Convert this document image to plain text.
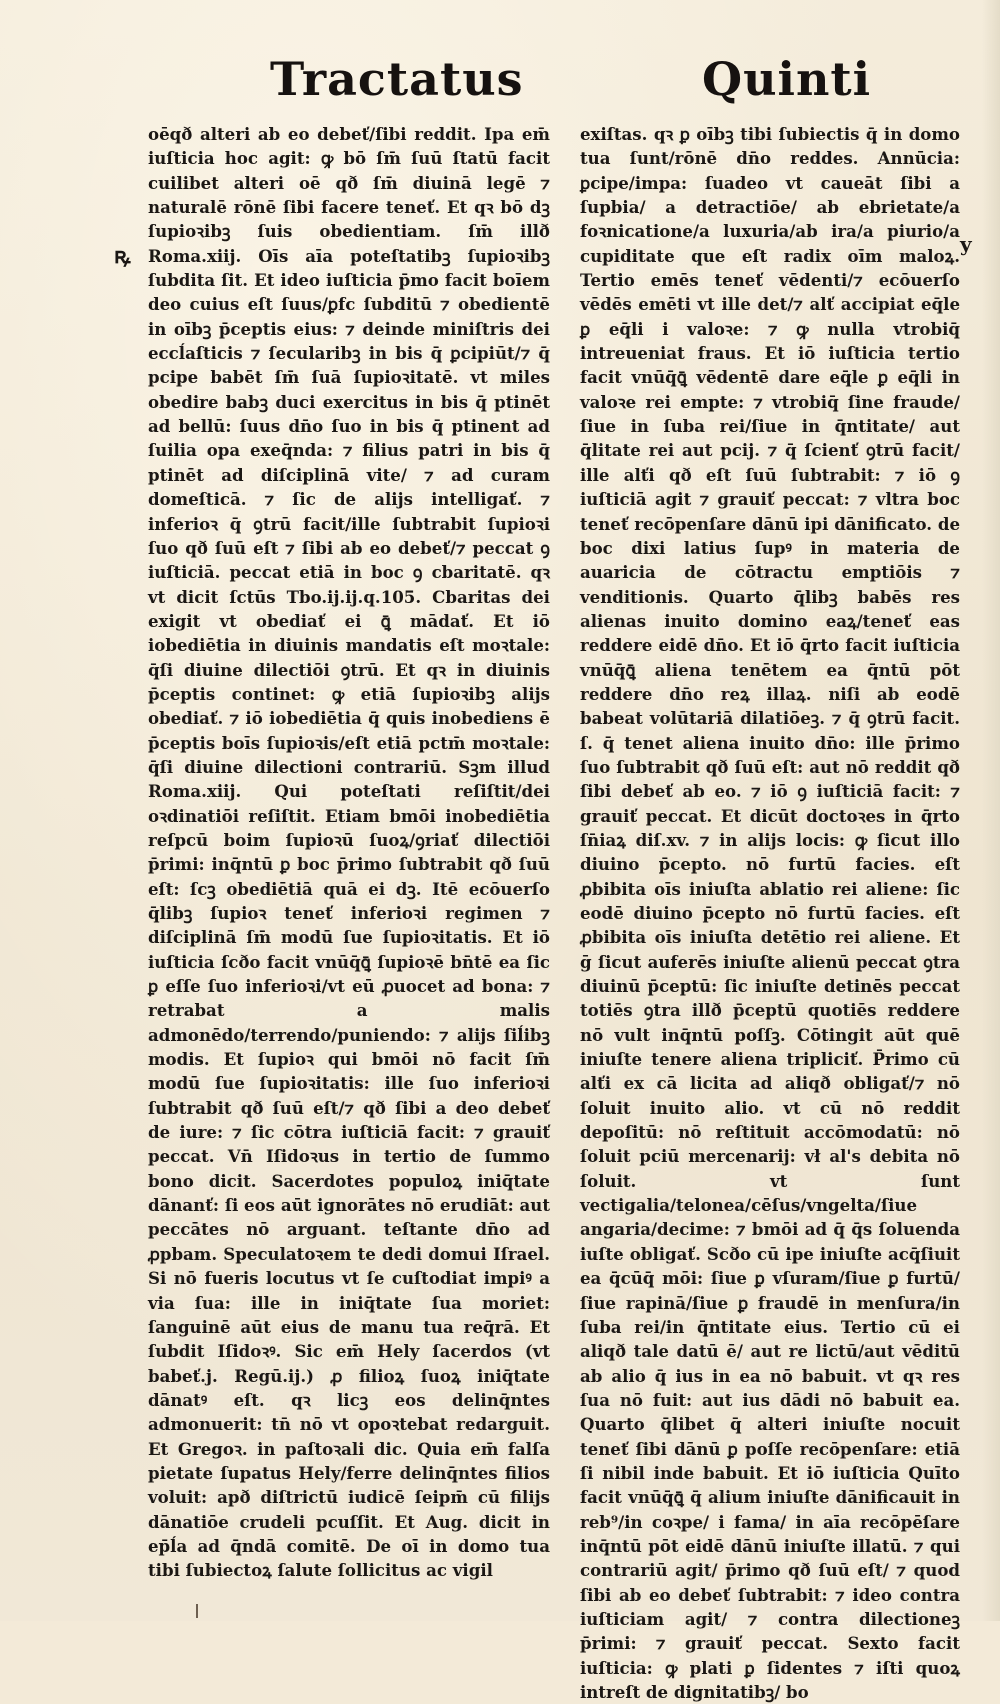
Tractatus	Quinti
ꝶ	y

oēqð alteri ab eo debeť/ſibi reddit. Ipa em̄ iuſticia hoc agit: ꝙ bō ſm̄ ſuū ſtatū facit cuilibet alteri oē qð ſm̄ diuinā legē ⁊ naturalē rōnē ſibi facere teneť. Et qꝛ bō dꝫ ſupioꝛibꝫ ſuis obedientiam. ſm̄ illð Roma.xiij. Oīs aīa poteſtatibꝫ ſupioꝛibꝫ ſubdita ſit. Et ideo iuſticia p̄mo facit boīem deo cuius eſt ſuus/ꝑfc ſubditū ⁊ obedientē in oībꝫ p̄ceptis eius: ⁊ deinde miniſtris dei eccĺaſticis ⁊ ſecularibꝫ in bis q̄ ꝑcipiūt/⁊ q̄ pcipe babēt ſm̄ ſuā ſupioꝛitatē. vt miles obedire babꝫ duci exercitus in bis q̄ ptinēt ad bellū: ſuus dn̄o ſuo in bis q̄ ptinent ad ſuilia opa exeq̄nda: ⁊ filius patri in bis q̄ ptinēt ad diſciplinā vite/ ⁊ ad curam domeſticā. ⁊ ſic de alijs intelligať. ⁊ inferioꝛ q̄ ꝯtrū facit/ille ſubtrabit ſupioꝛi ſuo qð ſuū eſt ⁊ ſibi ab eo debeť/⁊ peccat ꝯ iuſticiā. peccat etiā in boc ꝯ cbaritatē. qꝛ vt dicit ſctūs Tbo.ij.ij.q.105. Cbaritas dei exigit vt obediať ei ꝗ̄ mādať. Et iō iobediētia in diuinis mandatis eſt moꝛtale: q̄ſi diuine dilectiōi ꝯtrū. Et qꝛ in diuinis p̄ceptis continet: ꝙ etiā ſupioꝛibꝫ alijs obediať. ⁊ iō iobediētia q̄ quis inobediens ē p̄ceptis boīs ſupioꝛis/eſt etiā pctm̄ moꝛtale: q̄ſi diuine dilectioni contrariū. Sꝫm illud Roma.xiij. Qui poteſtati reſiſtit/dei oꝛdinatiōi reſiſtit. Etiam bmōi inobediētia reſpcū boim ſupioꝛū ſuoꝝ/ꝯriať dilectiōi p̄rimi: inq̄ntū ꝑ boc p̄rimo ſubtrabit qð ſuū eſt: ſcꝫ obediētiā quā ei dꝫ. Itē ecōuerſo q̄libꝫ ſupioꝛ teneť inferioꝛi regimen ⁊ diſciplinā ſm̄ modū ſue ſupioꝛitatis. Et iō iuſticia ſcðo facit vnūq̄ꝗ̄ ſupioꝛē bn̄tē ea ſic ꝑ eſſe ſuo inferioꝛi/vt eū ꝓuocet ad bona: ⁊ retrabat a malis admonēdo/terrendo/puniendo: ⁊ alijs ſiĺibꝫ modis. Et ſupioꝛ qui bmōi nō facit ſm̄ modū ſue ſupioꝛitatis: ille ſuo inferioꝛi ſubtrabit qð ſuū eſt/⁊ qð ſibi a deo debeť de iure: ⁊ ſic cōtra iuſticiā facit: ⁊ grauiť peccat. Vn̄ Iſidoꝛus in tertio de ſummo bono dicit. Sacerdotes populoꝝ iniq̄tate dānanť: ſi eos aūt ignorātes nō erudiāt: aut peccātes nō arguant. teſtante dn̄o ad ꝓpbam. Speculatoꝛem te dedi domui Iſrael. Si nō fueris locutus vt ſe cuſtodiat impiꝰ a via ſua: ille in iniq̄tate ſua moriet: ſanguinē aūt eius de manu tua req̄rā. Et ſubdit Iſidoꝛꝰ. Sic em̄ Hely ſacerdos (vt babeť.j. Regū.ij.) ꝓ filioꝝ ſuoꝝ iniq̄tate dānatꝰ eſt. qꝛ licꝫ eos delinq̄ntes admonuerit: tn̄ nō vt opoꝛtebat redarguit. Et Gregoꝛ. in paſtoꝛali dic. Quia em̄ falſa pietate ſupatus Hely/ferre delinq̄ntes filios voluit: apð diſtrictū iudicē ſeipm̄ cū filijs dānatiōe crudeli pcuſſit. Et Aug. dicit in ep̄ĺa ad q̄ndā comitē. De oī in domo tua tibi ſubiectoꝝ ſalute ſollicitus ac vigil

exiſtas. qꝛ ꝑ oībꝫ tibi ſubiectis q̄ in domo tua ſunt/rōnē dn̄o reddes. Annūcia: ꝑcipe/impa: ſuadeo vt caueāt ſibi a ſupbia/ a detractiōe/ ab ebrietate/a foꝛnicatione/a luxuria/ab ira/a piurio/a cupiditate que eſt radix oīm maloꝝ. Tertio emēs teneť vēdenti/⁊ ecōuerſo vēdēs emēti vt ille det/⁊ alť accipiat eq̄le ꝑ eq̄li i valoꝛe: ⁊ ꝙ nulla vtrobiq̄ intreueniat fraus. Et iō iuſticia tertio facit vnūq̄ꝗ̄ vēdentē dare eq̄le ꝑ eq̄li in valoꝛe rei empte: ⁊ vtrobiq̄ ſine fraude/ſiue in ſuba rei/ſiue in q̄ntitate/ aut q̄litate rei aut pcij. ⁊ q̄ ſcienť ꝯtrū facit/ ille alťi qð eſt ſuū ſubtrabit: ⁊ iō ꝯ iuſticiā agit ⁊ grauiť peccat: ⁊ vltra boc teneť recōpenſare dānū ipi dānificato. de boc dixi latius ſupꝰ in materia de auaricia de cōtractu emptiōis ⁊ venditionis. Quarto q̄libꝫ babēs res alienas inuito domino eaꝝ/teneť eas reddere eidē dn̄o. Et iō q̄rto facit iuſticia vnūq̄ꝗ̄ aliena tenētem ea q̄ntū pōt reddere dn̄o reꝝ illaꝝ. niſi ab eodē babeat volūtariā dilatiōeꝫ. ⁊ q̄ ꝯtrū facit. ſ. q̄ tenet aliena inuito dn̄o: ille p̄rimo ſuo ſubtrabit qð ſuū eſt: aut nō reddit qð ſibi debeť ab eo. ⁊ iō ꝯ iuſticiā facit: ⁊ grauiť peccat. Et dicūt doctoꝛes in q̄rto ſn̄iaꝝ diſ.xv. ⁊ in alijs locis: ꝙ ſicut illo diuino p̄cepto. nō furtū facies. eſt ꝓbibita oīs iniuſta ablatio rei aliene: ſic eodē diuino p̄cepto nō furtū facies. eſt ꝓbibita oīs iniuſta detētio rei aliene. Et ḡ ſicut auferēs iniuſte alienū peccat ꝯtra diuinū p̄ceptū: ſic iniuſte detinēs peccat totiēs ꝯtra illð p̄ceptū quotiēs reddere nō vult inq̄ntū poſſꝫ. Cōtingit aūt quē iniuſte tenere aliena tripliciť. P̄rimo cū alťi ex cā licita ad aliqð obligať/⁊ nō ſoluit inuito alio. vt cū nō reddit depoſitū: nō reſtituit accōmodatū: nō ſoluit pciū mercenarij: vł al's debita nō ſoluit. vt ſunt vectigalia/telonea/cēſus/vngelta/ſiue angaria/decime: ⁊ bmōi ad q̄ q̄s ſoluenda iuſte obligať. Scðo cū ipe iniuſte acq̄ſiuit ea q̄cūq̄ mōi: ſiue ꝑ vſuram/ſiue ꝑ furtū/ſiue rapinā/ſiue ꝑ fraudē in menſura/in ſuba rei/in q̄ntitate eius. Tertio cū ei aliqð tale datū ē/ aut re lictū/aut vēditū ab alio q̄ ius in ea nō babuit. vt qꝛ res ſua nō fuit: aut ius dādi nō babuit ea. Quarto q̄libet q̄ alteri iniuſte nocuit teneť ſibi dānū ꝑ poſſe recōpenſare: etiā ſi nibil inde babuit. Et iō iuſticia Quīto facit vnūq̄ꝗ̄ q̄ alium iniuſte dānificauit in reb⁹/in coꝛpe/ i fama/ in aīa recōpēſare inq̄ntū pōt eidē dānū iniuſte illatū. ⁊ qui contrariū agit/ p̄rimo qð ſuū eſt/ ⁊ quod ſibi ab eo debeť ſubtrabit: ⁊ ideo contra iuſticiam agit/ ⁊ contra dilectioneꝫ p̄rimi: ⁊ grauiť peccat. Sexto facit iuſticia: ꝙ plati ꝑ ſidentes ⁊ iſti quoꝝ intreſt de dignitatibꝫ/ bo
